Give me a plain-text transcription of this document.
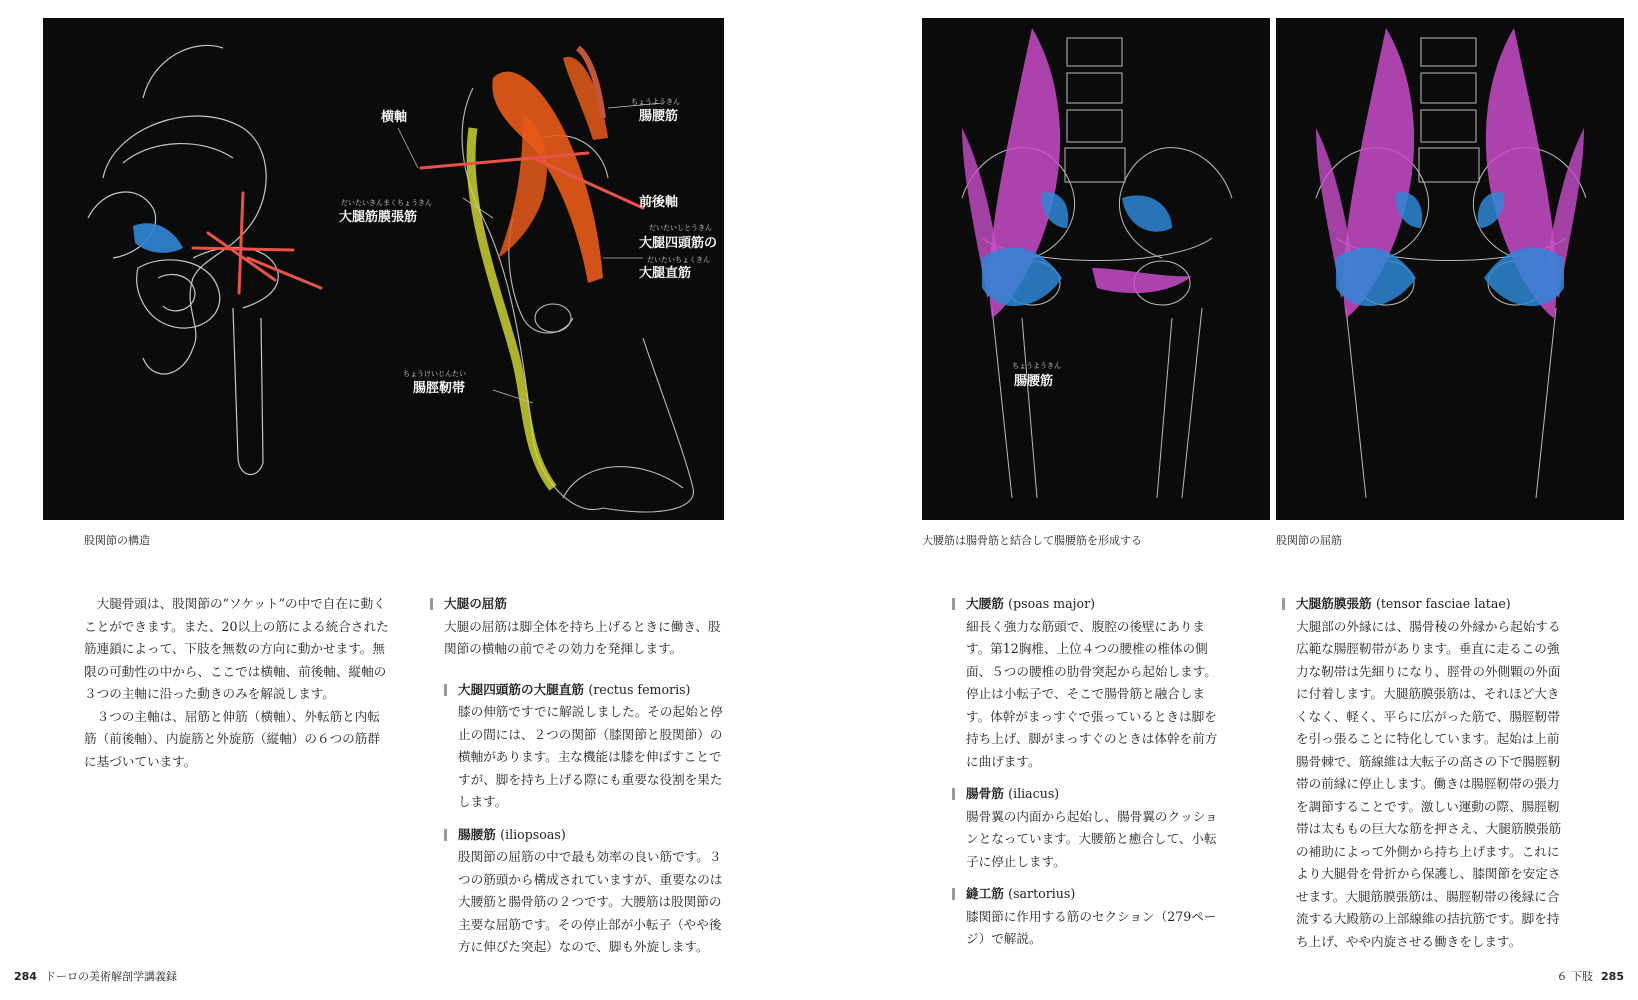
横軸
ちょうようきん
腸腰筋
前後軸
だいたいきんまくちょうきん
大腿筋膜張筋
だいたいしとうきん
大腿四頭筋の
だいたいちょくきん
大腿直筋
ちょうけいじんたい
腸脛靭帯
股関節の構造
ちょうようきん
腸腰筋
大腰筋は腸骨筋と結合して腸腰筋を形成する	股関節の屈筋

大腿骨頭は、股関節の“ソケット”の中で自在に動くことができます。また、20以上の筋による統合された筋連鎖によって、下肢を無数の方向に動かせます。無限の可動性の中から、ここでは横軸、前後軸、縦軸の３つの主軸に沿った動きのみを解説します。

３つの主軸は、屈筋と伸筋（横軸）、外転筋と内転筋（前後軸）、内旋筋と外旋筋（縦軸）の６つの筋群に基づいています。

大腿の屈筋

大腿の屈筋は脚全体を持ち上げるときに働き、股関節の横軸の前でその効力を発揮します。

大腿四頭筋の大腿直筋 (rectus femoris)

膝の伸筋ですでに解説しました。その起始と停止の間には、２つの関節（膝関節と股関節）の横軸があります。主な機能は膝を伸ばすことですが、脚を持ち上げる際にも重要な役割を果たします。

腸腰筋 (iliopsoas)

股関節の屈筋の中で最も効率の良い筋です。３つの筋頭から構成されていますが、重要なのは大腰筋と腸骨筋の２つです。大腰筋は股関節の主要な屈筋です。その停止部が小転子（やや後方に伸びた突起）なので、脚も外旋します。

大腰筋 (psoas major)

細長く強力な筋頭で、腹腔の後壁にあります。第12胸椎、上位４つの腰椎の椎体の側面、５つの腰椎の肋骨突起から起始します。停止は小転子で、そこで腸骨筋と融合します。体幹がまっすぐで張っているときは脚を持ち上げ、脚がまっすぐのときは体幹を前方に曲げます。

腸骨筋 (iliacus)

腸骨翼の内面から起始し、腸骨翼のクッションとなっています。大腰筋と癒合して、小転子に停止します。

縫工筋 (sartorius)

膝関節に作用する筋のセクション（279ページ）で解説。

大腿筋膜張筋 (tensor fasciae latae)

大腿部の外縁には、腸骨稜の外縁から起始する広範な腸脛靭帯があります。垂直に走るこの強力な靭帯は先細りになり、脛骨の外側顆の外面に付着します。大腿筋膜張筋は、それほど大きくなく、軽く、平らに広がった筋で、腸脛靭帯を引っ張ることに特化しています。起始は上前腸骨棘で、筋線維は大転子の高さの下で腸脛靭帯の前縁に停止します。働きは腸脛靭帯の張力を調節することです。激しい運動の際、腸脛靭帯は太ももの巨大な筋を押さえ、大腿筋膜張筋の補助によって外側から持ち上げます。これにより大腿骨を骨折から保護し、膝関節を安定させます。大腿筋膜張筋は、腸脛靭帯の後縁に合流する大殿筋の上部線維の拮抗筋です。脚を持ち上げ、やや内旋させる働きをします。

284 ドーロの美術解剖学講義録	６ 下肢 285
